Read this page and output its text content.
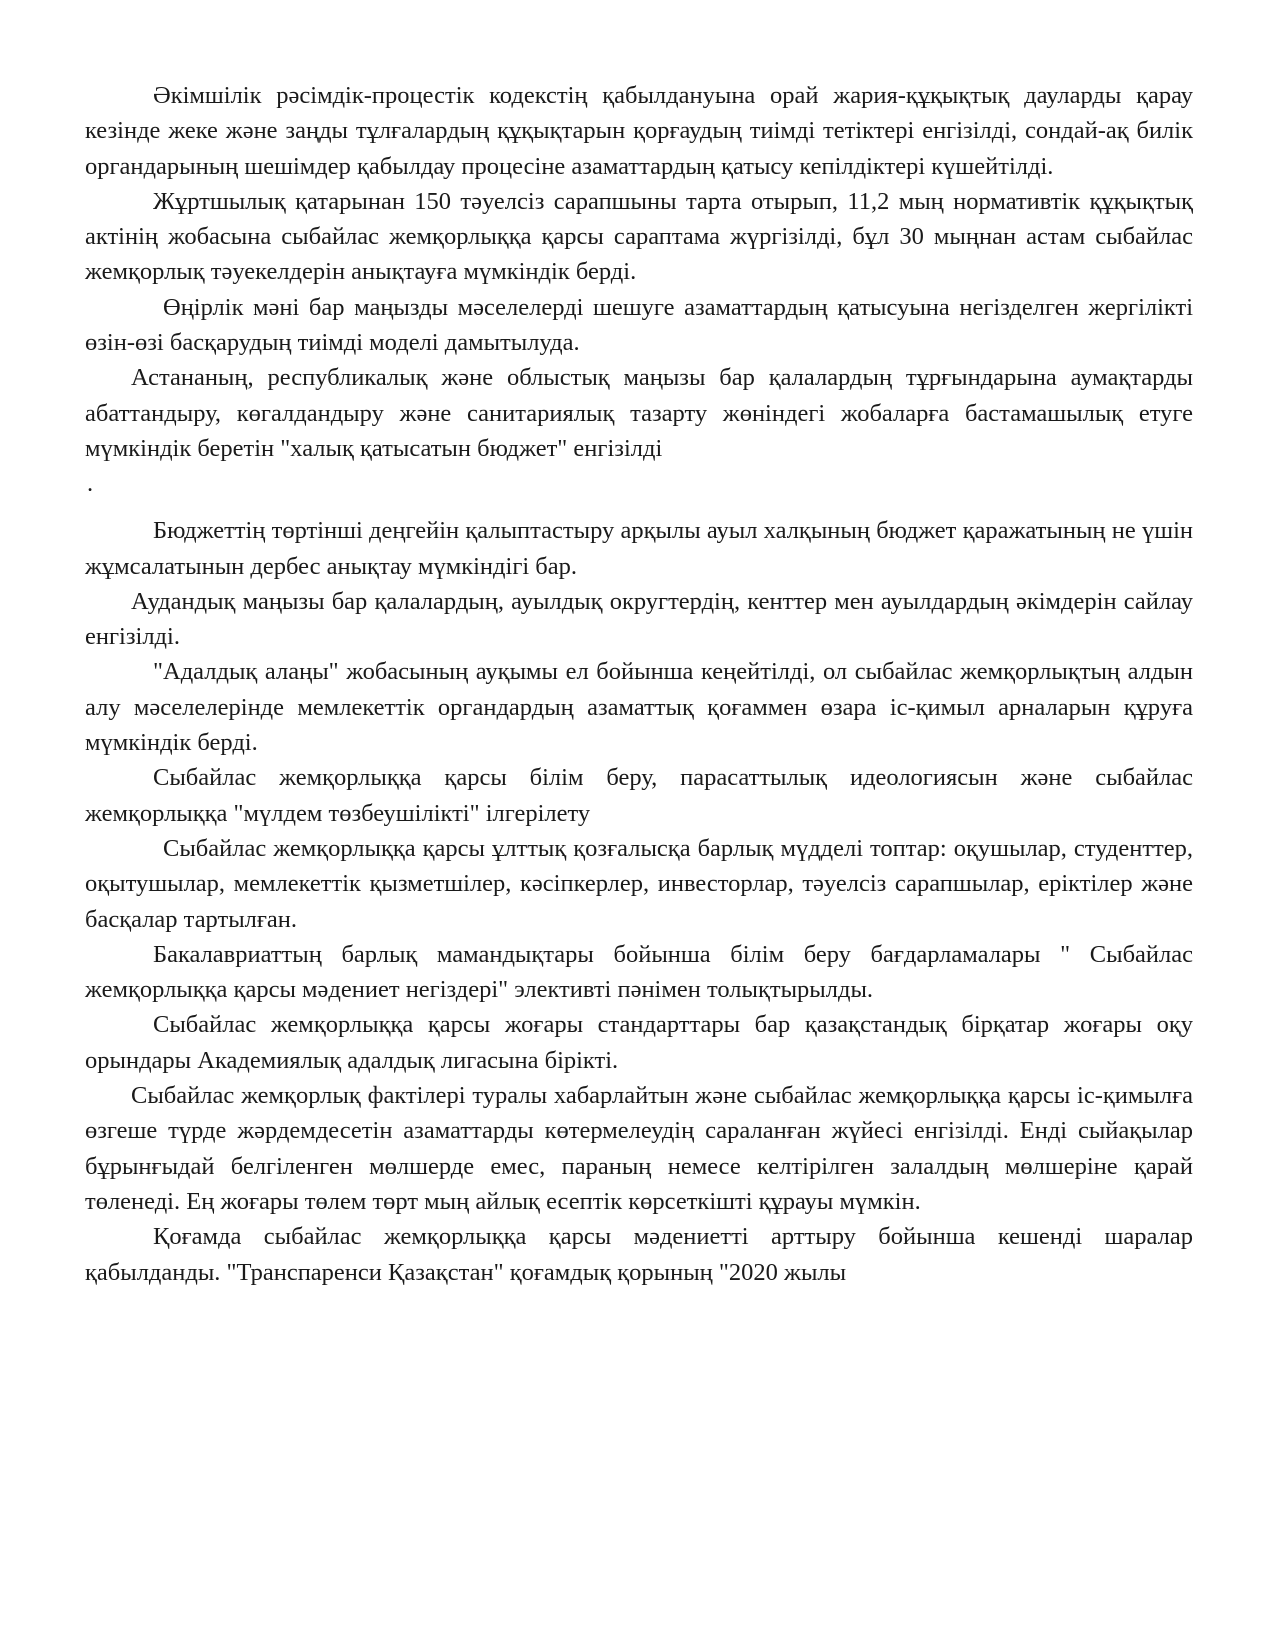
Әкімшілік рәсімдік-процестік кодекстің қабылдануына орай жария-құқықтық дауларды қарау кезінде жеке және заңды тұлғалардың құқықтарын қорғаудың тиімді тетіктері енгізілді, сондай-ақ билік органдарының шешімдер қабылдау процесіне азаматтардың қатысу кепілдіктері күшейтілді.

Жұртшылық қатарынан 150 тәуелсіз сарапшыны тарта отырып, 11,2 мың нормативтік құқықтық актінің жобасына сыбайлас жемқорлыққа қарсы сараптама жүргізілді, бұл 30 мыңнан астам сыбайлас жемқорлық тәуекелдерін анықтауға мүмкіндік берді.

Өңірлік мәні бар маңызды мәселелерді шешуге азаматтардың қатысуына негізделген жергілікті өзін-өзі басқарудың тиімді моделі дамытылуда.

Астананың, республикалық және облыстық маңызы бар қалалардың тұрғындарына аумақтарды абаттандыру, көгалдандыру және санитариялық тазарту жөніндегі жобаларға бастамашылық етуге мүмкіндік беретін "халық қатысатын бюджет" енгізілді

.

Бюджеттің төртінші деңгейін қалыптастыру арқылы ауыл халқының бюджет қаражатының не үшін жұмсалатынын дербес анықтау мүмкіндігі бар.

Аудандық маңызы бар қалалардың, ауылдық округтердің, кенттер мен ауылдардың әкімдерін сайлау енгізілді.

"Адалдық алаңы" жобасының ауқымы ел бойынша кеңейтілді, ол сыбайлас жемқорлықтың алдын алу мәселелерінде мемлекеттік органдардың азаматтық қоғаммен өзара іс-қимыл арналарын құруға мүмкіндік берді.

Сыбайлас жемқорлыққа қарсы білім беру, парасаттылық идеологиясын және сыбайлас жемқорлыққа "мүлдем төзбеушілікті" ілгерілету

Сыбайлас жемқорлыққа қарсы ұлттық қозғалысқа барлық мүдделі топтар: оқушылар, студенттер, оқытушылар, мемлекеттік қызметшілер, кәсіпкерлер, инвесторлар, тәуелсіз сарапшылар, еріктілер және басқалар тартылған.

Бакалавриаттың барлық мамандықтары бойынша білім беру бағдарламалары " Сыбайлас жемқорлыққа қарсы мәдениет негіздері" элективті пәнімен толықтырылды.

Сыбайлас жемқорлыққа қарсы жоғары стандарттары бар қазақстандық бірқатар жоғары оқу орындары Академиялық адалдық лигасына бірікті.

Сыбайлас жемқорлық фактілері туралы хабарлайтын және сыбайлас жемқорлыққа қарсы іс-қимылға өзгеше түрде жәрдемдесетін азаматтарды көтермелеудің сараланған жүйесі енгізілді. Енді сыйақылар бұрынғыдай белгіленген мөлшерде емес, параның немесе келтірілген залалдың мөлшеріне қарай төленеді. Ең жоғары төлем төрт мың айлық есептік көрсеткішті құрауы мүмкін.

Қоғамда сыбайлас жемқорлыққа қарсы мәдениетті арттыру бойынша кешенді шаралар қабылданды. "Транспаренси Қазақстан" қоғамдық қорының "2020 жылы
